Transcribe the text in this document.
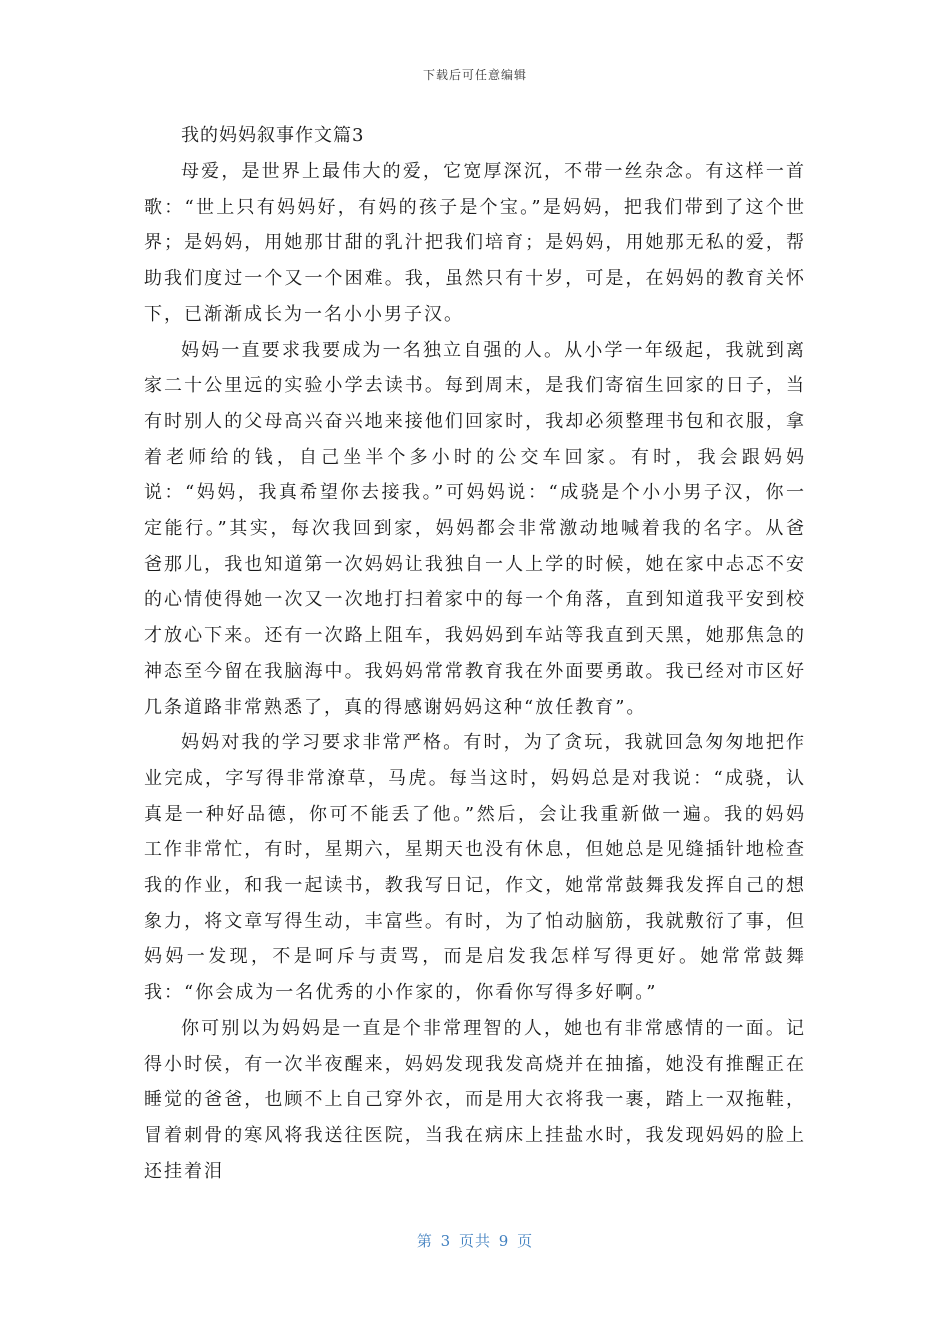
下载后可任意编辑
我的妈妈叙事作文篇3

母爱，是世界上最伟大的爱，它宽厚深沉，不带一丝杂念。有这样一首歌：“世上只有妈妈好，有妈的孩子是个宝。”是妈妈，把我们带到了这个世界；是妈妈，用她那甘甜的乳汁把我们培育；是妈妈，用她那无私的爱，帮助我们度过一个又一个困难。我，虽然只有十岁，可是，在妈妈的教育关怀下，已渐渐成长为一名小小男子汉。

妈妈一直要求我要成为一名独立自强的人。从小学一年级起，我就到离家二十公里远的实验小学去读书。每到周末，是我们寄宿生回家的日子，当有时别人的父母高兴奋兴地来接他们回家时，我却必须整理书包和衣服，拿着老师给的钱，自己坐半个多小时的公交车回家。有时，我会跟妈妈说：“妈妈，我真希望你去接我。”可妈妈说：“成骁是个小小男子汉，你一定能行。”其实，每次我回到家，妈妈都会非常激动地喊着我的名字。从爸爸那儿，我也知道第一次妈妈让我独自一人上学的时候，她在家中忐忑不安的心情使得她一次又一次地打扫着家中的每一个角落，直到知道我平安到校才放心下来。还有一次路上阻车，我妈妈到车站等我直到天黑，她那焦急的神态至今留在我脑海中。我妈妈常常教育我在外面要勇敢。我已经对市区好几条道路非常熟悉了，真的得感谢妈妈这种“放任教育”。

妈妈对我的学习要求非常严格。有时，为了贪玩，我就回急匆匆地把作业完成，字写得非常潦草，马虎。每当这时，妈妈总是对我说：“成骁，认真是一种好品德，你可不能丢了他。”然后，会让我重新做一遍。我的妈妈工作非常忙，有时，星期六，星期天也没有休息，但她总是见缝插针地检查我的作业，和我一起读书，教我写日记，作文，她常常鼓舞我发挥自己的想象力，将文章写得生动，丰富些。有时，为了怕动脑筋，我就敷衍了事，但妈妈一发现，不是呵斥与责骂，而是启发我怎样写得更好。她常常鼓舞我：“你会成为一名优秀的小作家的，你看你写得多好啊。”

你可别以为妈妈是一直是个非常理智的人，她也有非常感情的一面。记得小时侯，有一次半夜醒来，妈妈发现我发高烧并在抽搐，她没有推醒正在睡觉的爸爸，也顾不上自己穿外衣，而是用大衣将我一裹，踏上一双拖鞋，冒着刺骨的寒风将我送往医院，当我在病床上挂盐水时，我发现妈妈的脸上还挂着泪

第 3 页共 9 页
